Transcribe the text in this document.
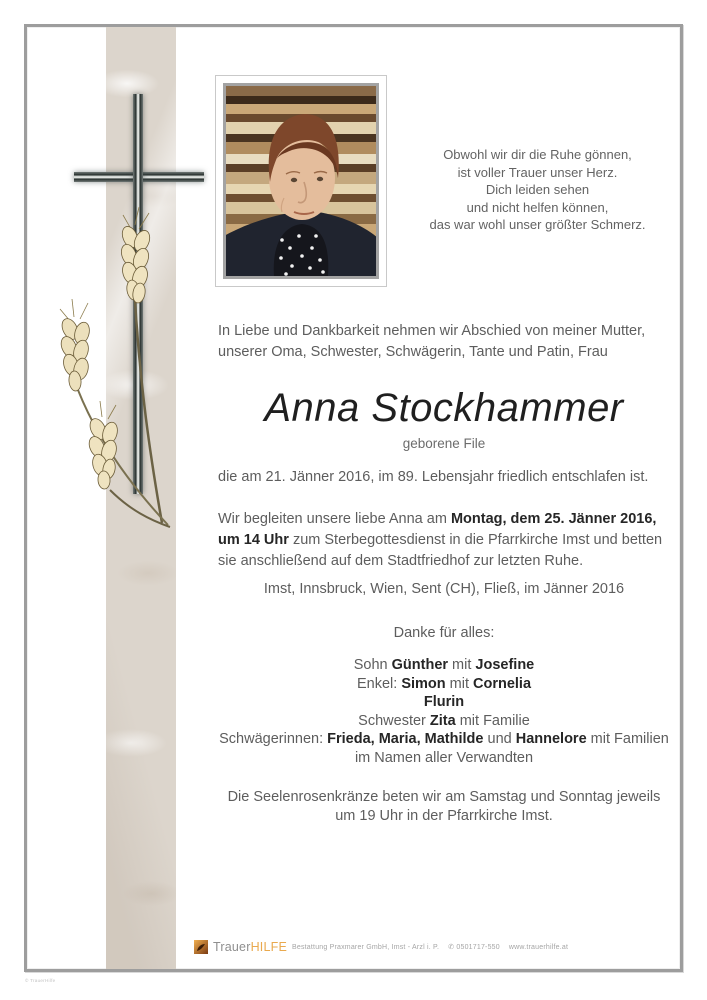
Obwohl wir dir die Ruhe gönnen,
ist voller Trauer unser Herz.
Dich leiden sehen
und nicht helfen können,
das war wohl unser größter Schmerz.
In Liebe und Dankbarkeit nehmen wir Abschied von meiner Mutter,
unserer Oma, Schwester, Schwägerin, Tante und Patin, Frau
Anna Stockhammer
geborene File
die am 21. Jänner 2016, im 89. Lebensjahr friedlich entschlafen ist.
Wir begleiten unsere liebe Anna am Montag, dem 25. Jänner 2016, um 14 Uhr zum Sterbegottesdienst in die Pfarrkirche Imst und betten sie anschließend auf dem Stadtfriedhof zur letzten Ruhe.
Imst, Innsbruck, Wien, Sent (CH), Fließ, im Jänner 2016
Danke für alles:
Sohn Günther mit Josefine
Enkel: Simon mit Cornelia
Flurin
Schwester Zita mit Familie
Schwägerinnen: Frieda, Maria, Mathilde und Hannelore mit Familien
im Namen aller Verwandten
Die Seelenrosenkränze beten wir am Samstag und Sonntag jeweils
um 19 Uhr in der Pfarrkirche Imst.
TrauerHILFE Bestattung Praxmarer GmbH, Imst - Arzl i. P. ✆ 0501717-550 www.trauerhilfe.at
© TrauerHilfe
